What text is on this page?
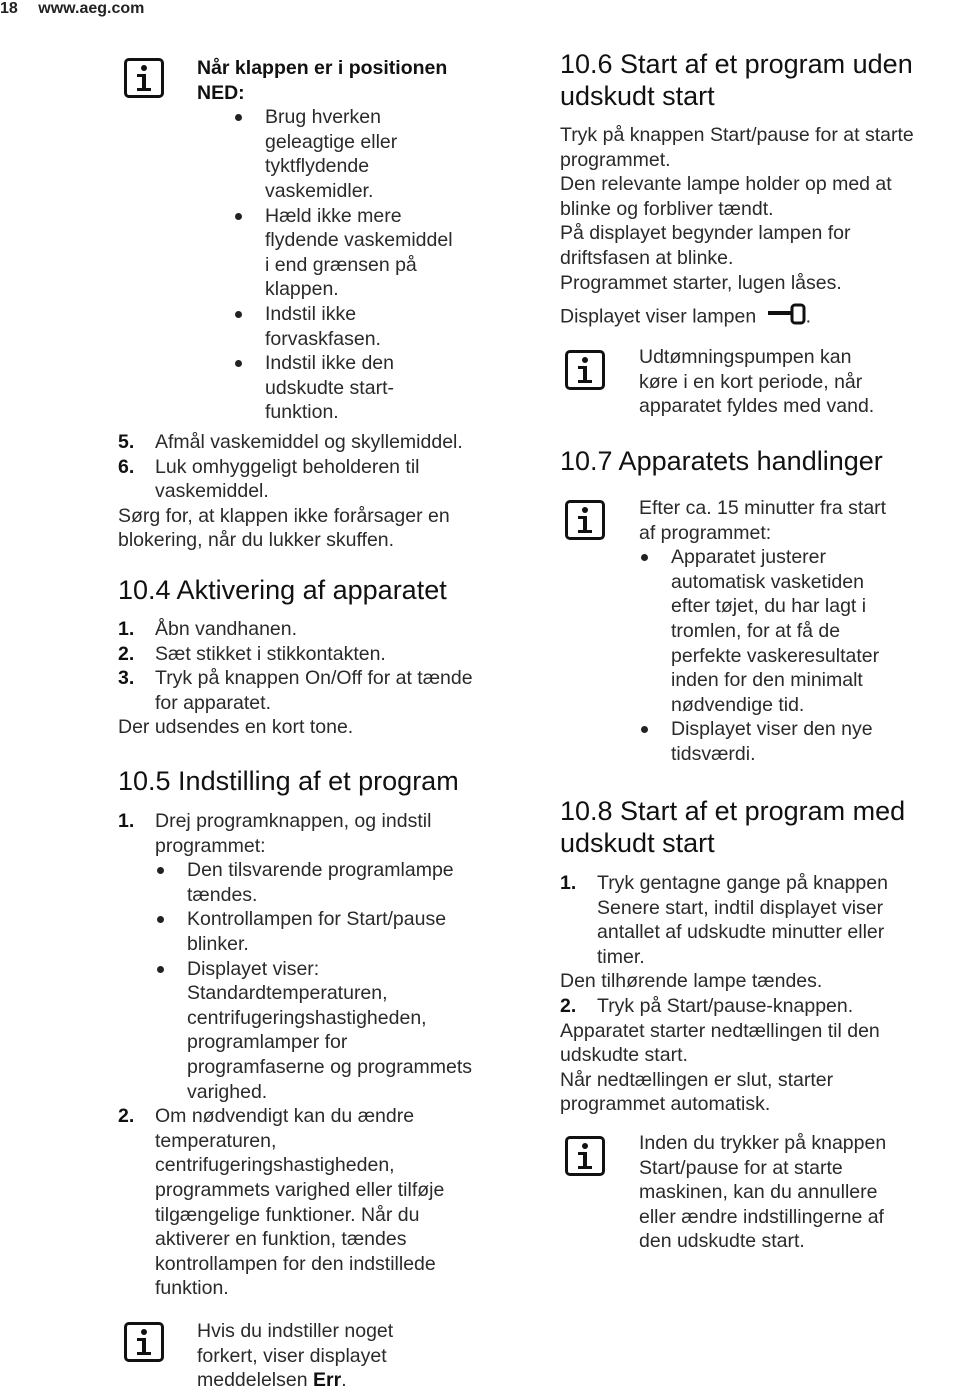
18 www.aeg.com
Når klappen er i positionen
NED:
Brug hverken
geleagtige eller
tyktflydende
vaskemidler.
Hæld ikke mere
flydende vaskemiddel
i end grænsen på
klappen.
Indstil ikke
forvaskfasen.
Indstil ikke den
udskudte start-
funktion.
5. Afmål vaskemiddel og skyllemiddel.
6. Luk omhyggeligt beholderen til
vaskemiddel.
Sørg for, at klappen ikke forårsager en
blokering, når du lukker skuffen.
10.4 Aktivering af apparatet
1. Åbn vandhanen.
2. Sæt stikket i stikkontakten.
3. Tryk på knappen On/Off for at tænde
for apparatet.
Der udsendes en kort tone.
10.5 Indstilling af et program
1. Drej programknappen, og indstil
programmet:
Den tilsvarende programlampe
tændes.
Kontrollampen for Start/pause
blinker.
Displayet viser:
Standardtemperaturen,
centrifugeringshastigheden,
programlamper for
programfaserne og programmets
varighed.
2. Om nødvendigt kan du ændre
temperaturen,
centrifugeringshastigheden,
programmets varighed eller tilføje
tilgængelige funktioner. Når du
aktiverer en funktion, tændes
kontrollampen for den indstillede
funktion.
Hvis du indstiller noget
forkert, viser displayet
meddelelsen Err.
10.6 Start af et program uden
udskudt start
Tryk på knappen Start/pause for at starte
programmet.
Den relevante lampe holder op med at
blinke og forbliver tændt.
På displayet begynder lampen for
driftsfasen at blinke.
Programmet starter, lugen låses.
Displayet viser lampen	.
Udtømningspumpen kan
køre i en kort periode, når
apparatet fyldes med vand.
10.7 Apparatets handlinger
Efter ca. 15 minutter fra start
af programmet:
Apparatet justerer
automatisk vasketiden
efter tøjet, du har lagt i
tromlen, for at få de
perfekte vaskeresultater
inden for den minimalt
nødvendige tid.
Displayet viser den nye
tidsværdi.
10.8 Start af et program med
udskudt start
1. Tryk gentagne gange på knappen
Senere start, indtil displayet viser
antallet af udskudte minutter eller
timer.
Den tilhørende lampe tændes.
2. Tryk på Start/pause-knappen.
Apparatet starter nedtællingen til den
udskudte start.
Når nedtællingen er slut, starter
programmet automatisk.
Inden du trykker på knappen
Start/pause for at starte
maskinen, kan du annullere
eller ændre indstillingerne af
den udskudte start.
